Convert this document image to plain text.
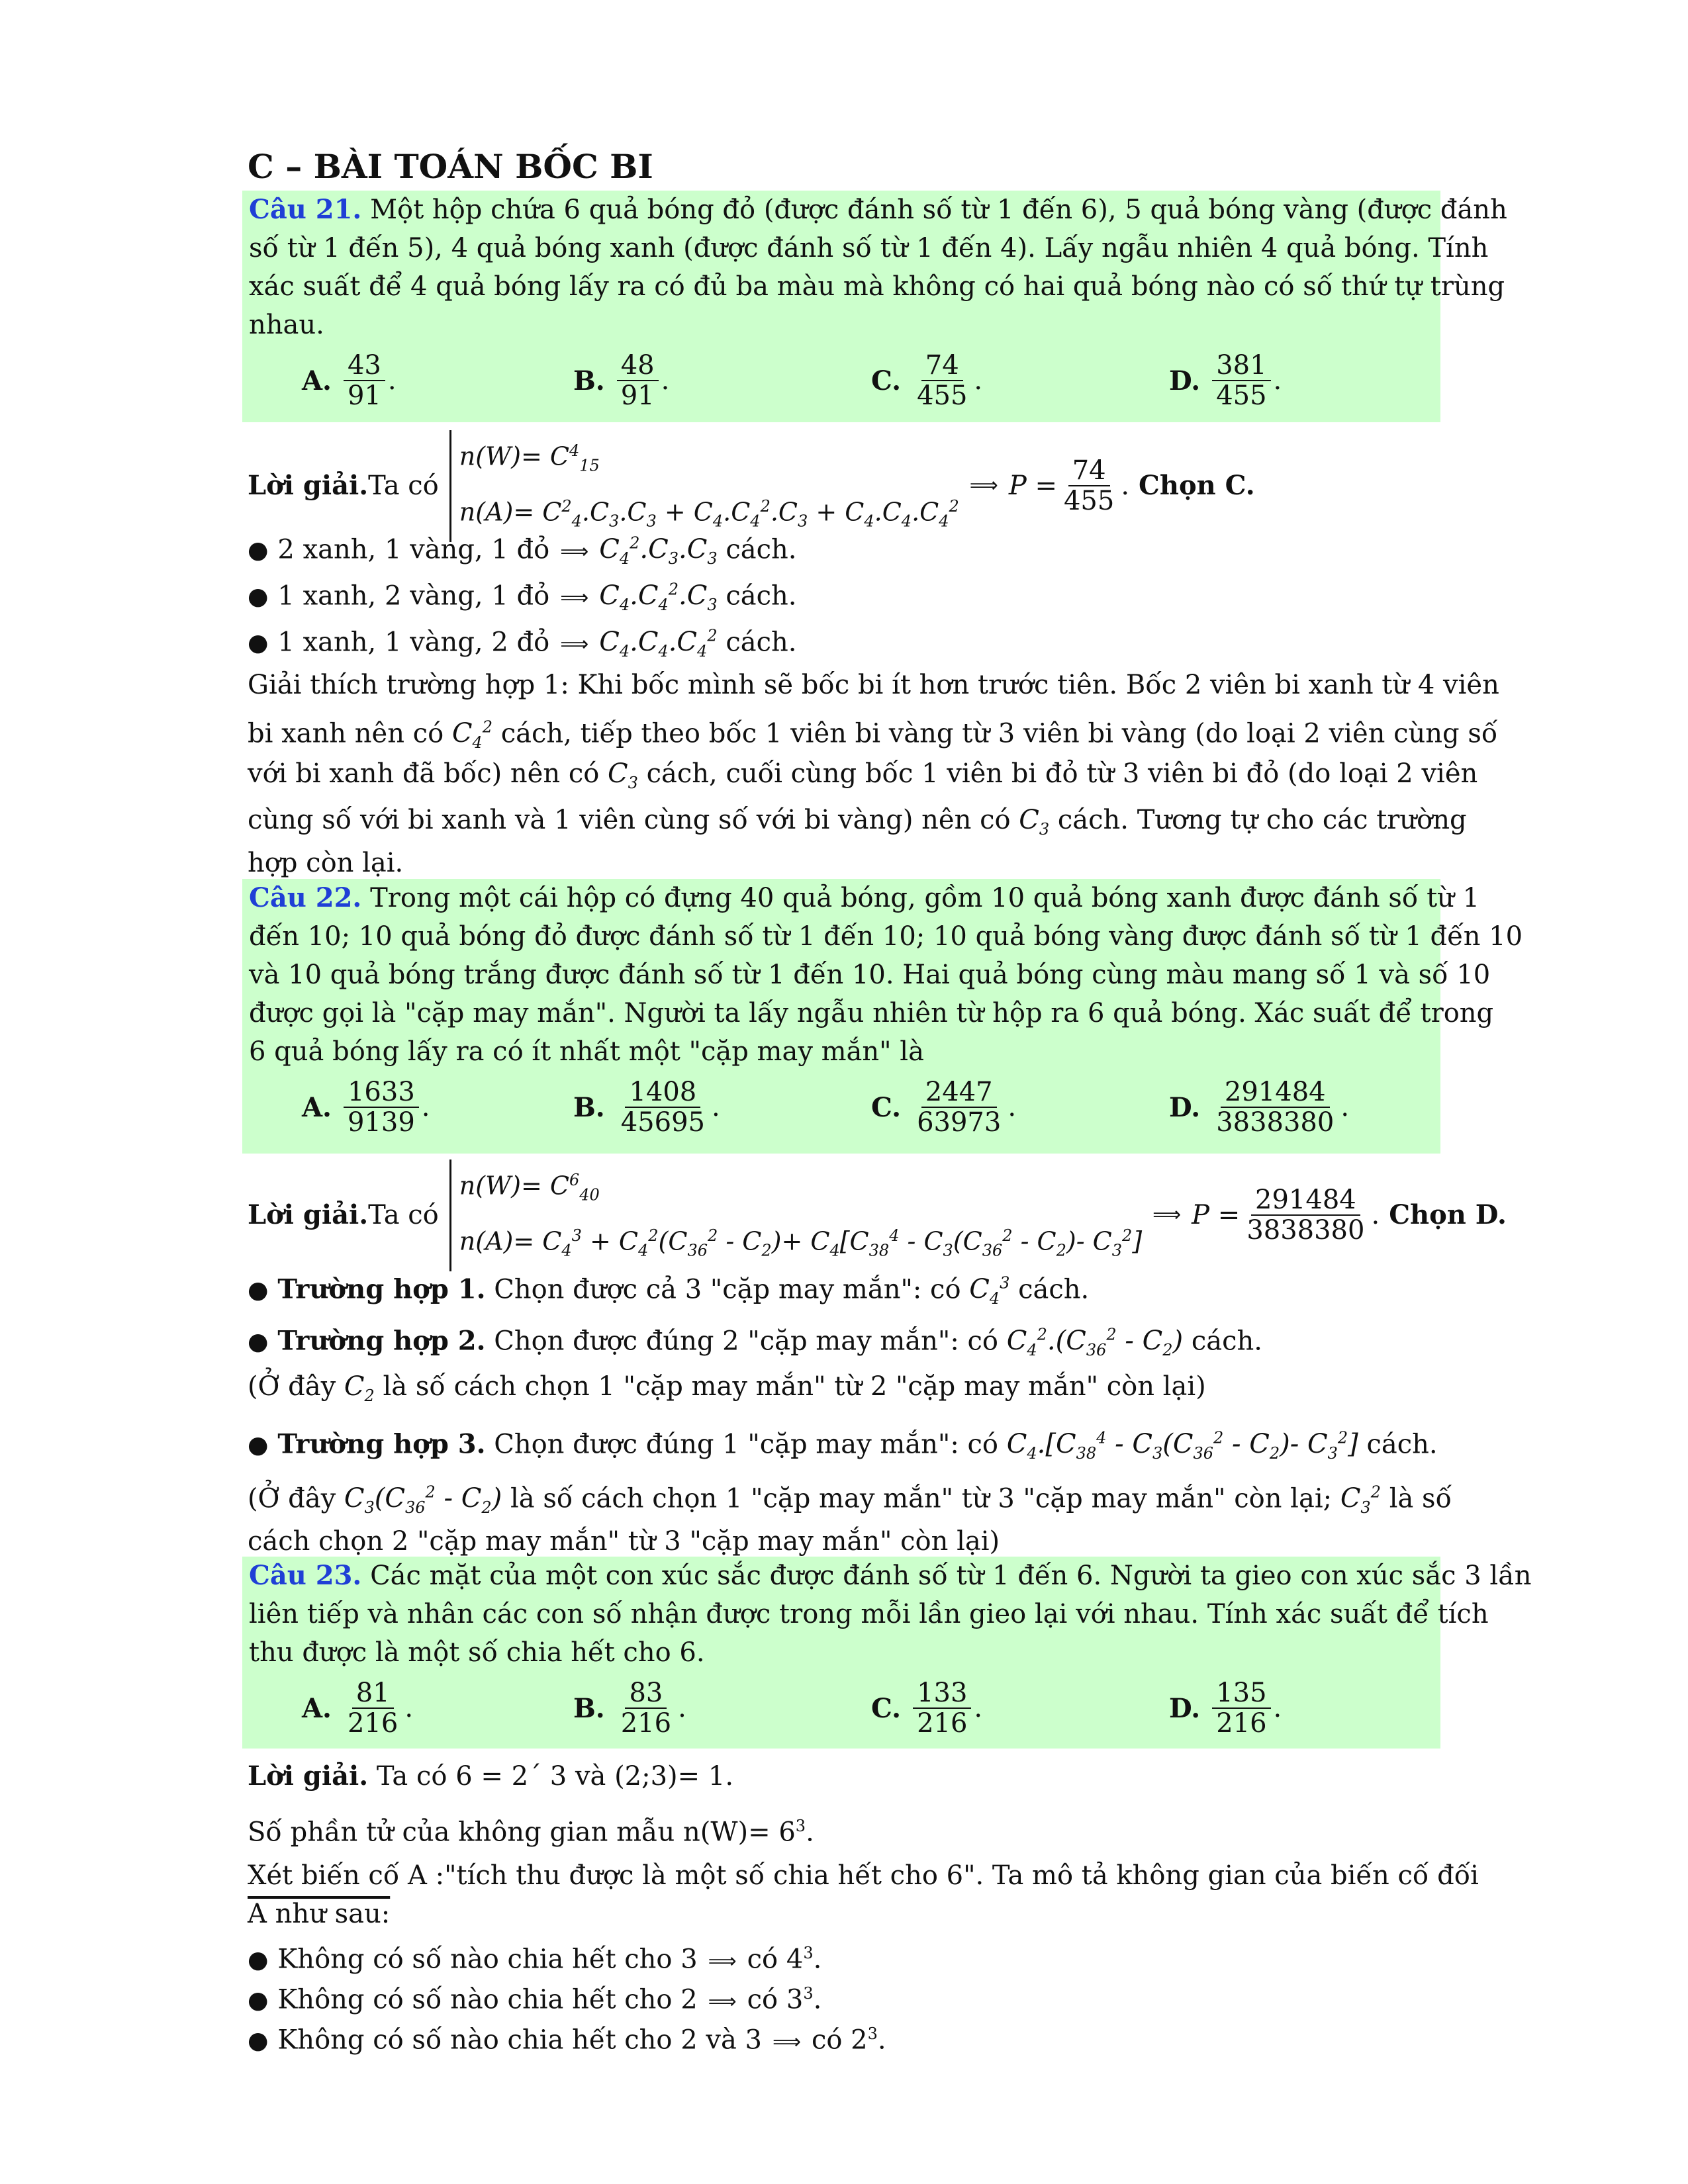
C – BÀI TOÁN BỐC BI
Câu 21. Một hộp chứa 6 quả bóng đỏ (được đánh số từ 1 đến 6), 5 quả bóng vàng (được đánh
số từ 1 đến 5), 4 quả bóng xanh (được đánh số từ 1 đến 4). Lấy ngẫu nhiên 4 quả bóng. Tính
xác suất để 4 quả bóng lấy ra có đủ ba màu mà không có hai quả bóng nào có số thứ tự trùng
nhau.
A. $\frac{43}{91}$ .	B. $\frac{48}{91}$ .	C. $\frac{74}{455}$ .	D. $\frac{381}{455}$ .
Lời giải. Ta có
$n(W)= C^4_{15}$
$n(A)= C^2_4.C_3.C_3 + C_4.C_4^2.C_3 + C_4.C_4.C_4^2$
⟹ $P = \frac{74}{455}$ . Chọn C.
● 2 xanh, 1 vàng, 1 đỏ ⟹ $C_4^2.C_3.C_3$ cách.
● 1 xanh, 2 vàng, 1 đỏ ⟹ $C_4.C_4^2.C_3$ cách.
● 1 xanh, 1 vàng, 2 đỏ ⟹ $C_4.C_4.C_4^2$ cách.
Giải thích trường hợp 1: Khi bốc mình sẽ bốc bi ít hơn trước tiên. Bốc 2 viên bi xanh từ 4 viên
bi xanh nên có $C_4^2$ cách, tiếp theo bốc 1 viên bi vàng từ 3 viên bi vàng (do loại 2 viên cùng số
với bi xanh đã bốc) nên có $C_3$ cách, cuối cùng bốc 1 viên bi đỏ từ 3 viên bi đỏ (do loại 2 viên
cùng số với bi xanh và 1 viên cùng số với bi vàng) nên có $C_3$ cách. Tương tự cho các trường
hợp còn lại.
Câu 22. Trong một cái hộp có đựng 40 quả bóng, gồm 10 quả bóng xanh được đánh số từ 1
đến 10; 10 quả bóng đỏ được đánh số từ 1 đến 10; 10 quả bóng vàng được đánh số từ 1 đến 10
và 10 quả bóng trắng được đánh số từ 1 đến 10. Hai quả bóng cùng màu mang số 1 và số 10
được gọi là "cặp may mắn". Người ta lấy ngẫu nhiên từ hộp ra 6 quả bóng. Xác suất để trong
6 quả bóng lấy ra có ít nhất một "cặp may mắn" là
A. $\frac{1633}{9139}$ .	B. $\frac{1408}{45695}$ .	C. $\frac{2447}{63973}$ .	D. $\frac{291484}{3838380}$ .
Lời giải. Ta có
$n(W)= C^6_{40}$
$n(A)= C_4^3 + C_4^2(C_{36}^2 - C_2)+ C_4[C_{38}^4 - C_3(C_{36}^2 - C_2)-$ $C_3^2$]
⟹ $P = \frac{291484}{3838380}$ . Chọn D.
● Trường hợp 1. Chọn được cả 3 "cặp may mắn": có $C_4^3$ cách.
● Trường hợp 2. Chọn được đúng 2 "cặp may mắn": có $C_4^2.(C_{36}^2 - C_2)$ cách.
(Ở đây $C_2$ là số cách chọn 1 "cặp may mắn" từ 2 "cặp may mắn" còn lại)
● Trường hợp 3. Chọn được đúng 1 "cặp may mắn": có $C_4.[C_{38}^4 - C_3(C_{36}^2 - C_2)-$ $C_3^2$] cách.
(Ở đây $C_3(C_{36}^2 - C_2)$ là số cách chọn 1 "cặp may mắn" từ 3 "cặp may mắn" còn lại; $C_3^2$ là số
cách chọn 2 "cặp may mắn" từ 3 "cặp may mắn" còn lại)
Câu 23. Các mặt của một con xúc sắc được đánh số từ 1 đến 6. Người ta gieo con xúc sắc 3 lần
liên tiếp và nhân các con số nhận được trong mỗi lần gieo lại với nhau. Tính xác suất để tích
thu được là một số chia hết cho 6.
A. $\frac{81}{216}$ .	B. $\frac{83}{216}$ .	C. $\frac{133}{216}$ .	D. $\frac{135}{216}$ .
Lời giải. Ta có 6 = 2´ 3 và (2;3)= 1.
Số phần tử của không gian mẫu $n(W)= 6^3$.
Xét biến cố A :"tích thu được là một số chia hết cho 6". Ta mô tả không gian của biến cố đối
A như sau:
● Không có số nào chia hết cho 3 ⟹ có $4^3$.
● Không có số nào chia hết cho 2 ⟹ có $3^3$.
● Không có số nào chia hết cho 2 và 3 ⟹ có $2^3$.
